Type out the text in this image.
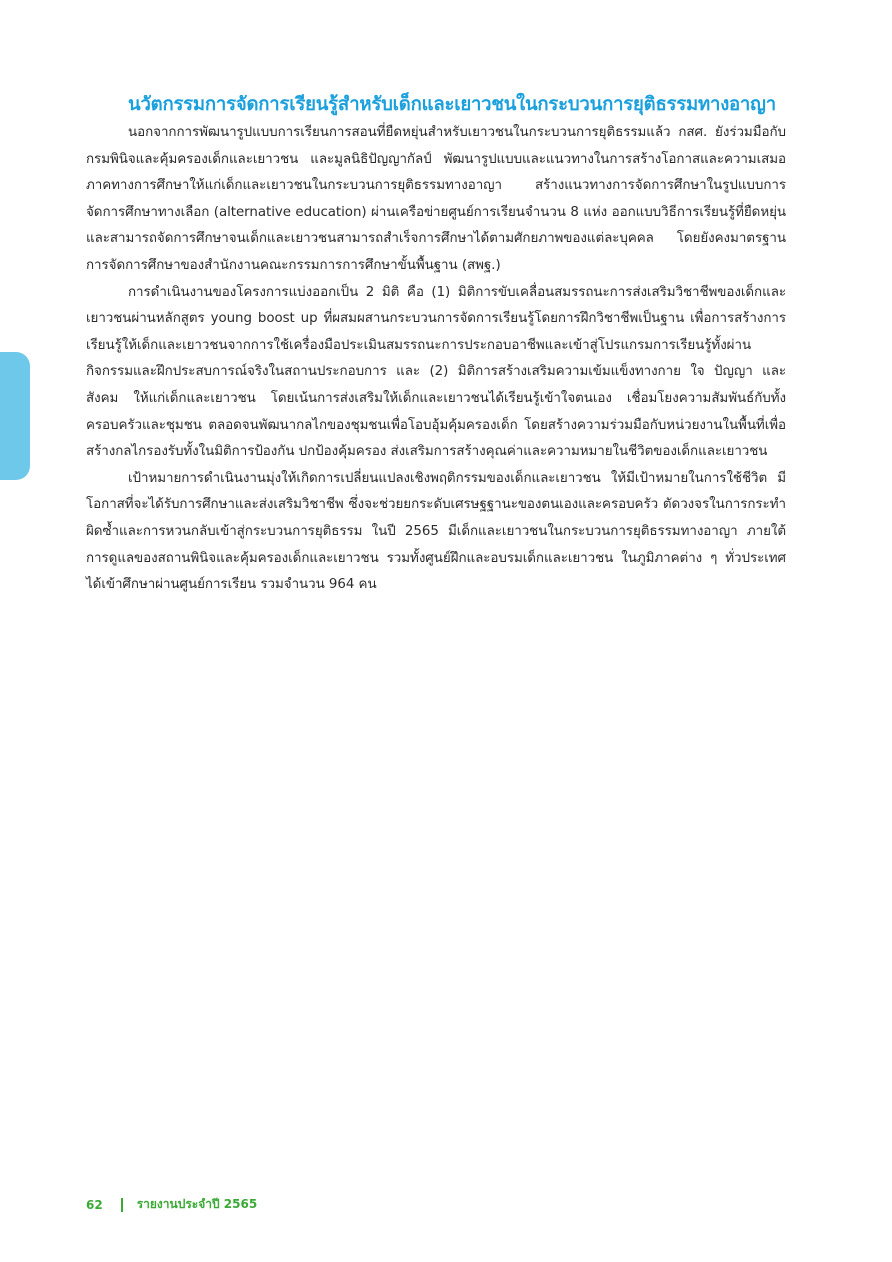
นวัตกรรมการจัดการเรียนรู้สำหรับเด็กและเยาวชนในกระบวนการยุติธรรมทางอาญา

นอกจากการพัฒนารูปแบบการเรียนการสอนที่ยืดหยุ่นสำหรับเยาวชนในกระบวนการยุติธรรมแล้ว กสศ. ยังร่วมมือกับ กรมพินิจและคุ้มครองเด็กและเยาวชน และมูลนิธิปัญญากัลป์ พัฒนารูปแบบและแนวทางในการสร้างโอกาสและความเสมอภาคทางการศึกษาให้แก่เด็กและเยาวชนในกระบวนการยุติธรรมทางอาญา สร้างแนวทางการจัดการศึกษาในรูปแบบการจัดการศึกษาทางเลือก (alternative education) ผ่านเครือข่ายศูนย์การเรียนจำนวน 8 แห่ง ออกแบบวิธีการเรียนรู้ที่ยืดหยุ่นและสามารถจัดการศึกษาจนเด็กและเยาวชนสามารถสำเร็จการศึกษาได้ตามศักยภาพของแต่ละบุคคล โดยยังคงมาตรฐานการจัดการศึกษาของสำนักงานคณะกรรมการการศึกษาขั้นพื้นฐาน (สพฐ.)

การดำเนินงานของโครงการแบ่งออกเป็น 2 มิติ คือ (1) มิติการขับเคลื่อนสมรรถนะการส่งเสริมวิชาชีพของเด็กและเยาวชนผ่านหลักสูตร young boost up ที่ผสมผสานกระบวนการจัดการเรียนรู้โดยการฝึกวิชาชีพเป็นฐาน เพื่อการสร้างการเรียนรู้ให้เด็กและเยาวชนจากการใช้เครื่องมือประเมินสมรรถนะการประกอบอาชีพและเข้าสู่โปรแกรมการเรียนรู้ทั้งผ่านกิจกรรมและฝึกประสบการณ์จริงในสถานประกอบการ และ (2) มิติการสร้างเสริมความเข้มแข็งทางกาย ใจ ปัญญา และสังคม ให้แก่เด็กและเยาวชน โดยเน้นการส่งเสริมให้เด็กและเยาวชนได้เรียนรู้เข้าใจตนเอง เชื่อมโยงความสัมพันธ์กับทั้งครอบครัวและชุมชน ตลอดจนพัฒนากลไกของชุมชนเพื่อโอบอุ้มคุ้มครองเด็ก โดยสร้างความร่วมมือกับหน่วยงานในพื้นที่เพื่อสร้างกลไกรองรับทั้งในมิติการป้องกัน ปกป้องคุ้มครอง ส่งเสริมการสร้างคุณค่าและความหมายในชีวิตของเด็กและเยาวชน

เป้าหมายการดำเนินงานมุ่งให้เกิดการเปลี่ยนแปลงเชิงพฤติกรรมของเด็กและเยาวชน ให้มีเป้าหมายในการใช้ชีวิต มีโอกาสที่จะได้รับการศึกษาและส่งเสริมวิชาชีพ ซึ่งจะช่วยยกระดับเศรษฐฐานะของตนเองและครอบครัว ตัดวงจรในการกระทำผิดซ้ำและการหวนกลับเข้าสู่กระบวนการยุติธรรม ในปี 2565 มีเด็กและเยาวชนในกระบวนการยุติธรรมทางอาญา ภายใต้การดูแลของสถานพินิจและคุ้มครองเด็กและเยาวชน รวมทั้งศูนย์ฝึกและอบรมเด็กและเยาวชน ในภูมิภาคต่าง ๆ ทั่วประเทศ ได้เข้าศึกษาผ่านศูนย์การเรียน รวมจำนวน 964 คน

62	รายงานประจำปี 2565
